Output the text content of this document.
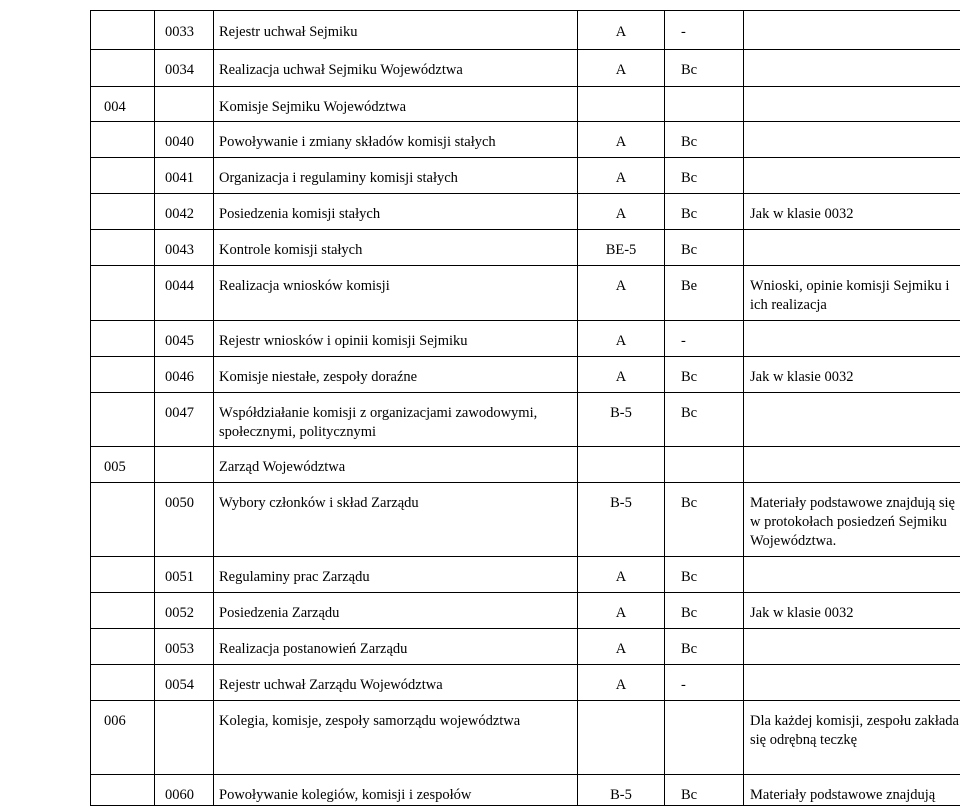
	0033	Rejestr uchwał Sejmiku	A	-	
	0034	Realizacja uchwał Sejmiku Województwa	A	Bc	
004		Komisje Sejmiku Województwa			
	0040	Powoływanie i zmiany składów komisji stałych	A	Bc	
	0041	Organizacja i regulaminy komisji stałych	A	Bc	
	0042	Posiedzenia komisji stałych	A	Bc	Jak w klasie 0032
	0043	Kontrole komisji stałych	BE-5	Bc	
	0044	Realizacja wniosków komisji	A	Be	Wnioski, opinie komisji Sejmiku i ich realizacja
	0045	Rejestr wniosków i opinii komisji Sejmiku	A	-	
	0046	Komisje niestałe, zespoły doraźne	A	Bc	Jak w klasie 0032
	0047	Współdziałanie komisji z organizacjami zawodowymi, społecznymi, politycznymi	B-5	Bc	
005		Zarząd Województwa			
	0050	Wybory członków i skład Zarządu	B-5	Bc	Materiały podstawowe znajdują się w protokołach posiedzeń Sejmiku Województwa.
	0051	Regulaminy prac Zarządu	A	Bc	
	0052	Posiedzenia Zarządu	A	Bc	Jak w klasie 0032
	0053	Realizacja postanowień Zarządu	A	Bc	
	0054	Rejestr uchwał Zarządu Województwa	A	-	
006		Kolegia, komisje, zespoły samorządu województwa			Dla każdej komisji, zespołu zakłada się odrębną teczkę
	0060	Powoływanie kolegiów, komisji i zespołów	B-5	Bc	Materiały podstawowe znajdują
